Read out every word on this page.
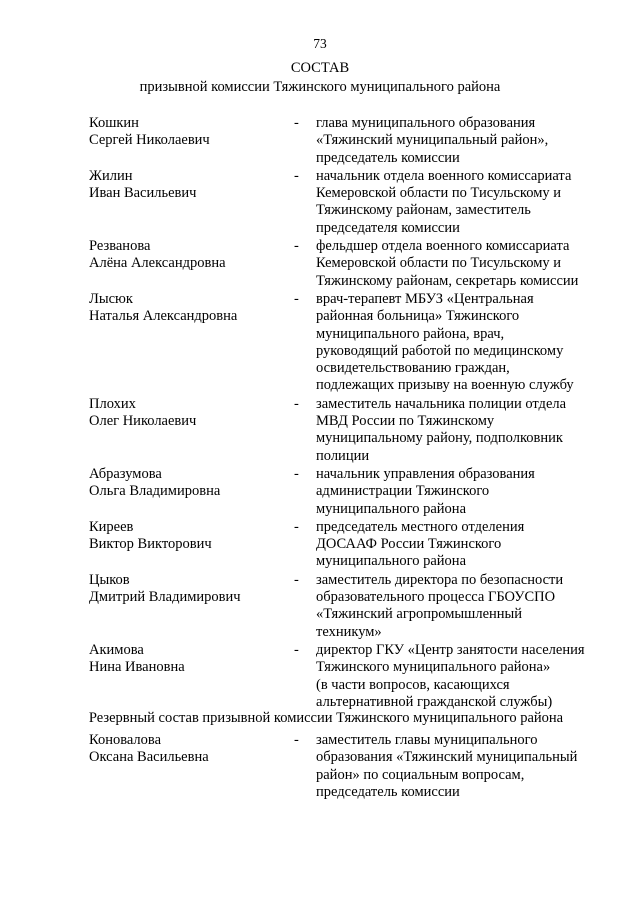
73
СОСТАВ
призывной комиссии Тяжинского муниципального района
Кошкин
Сергей Николаевич
- глава муниципального образования
«Тяжинский муниципальный район»,
председатель комиссии
Жилин
Иван Васильевич
- начальник отдела военного комиссариата
Кемеровской области по Тисульскому и
Тяжинскому районам, заместитель
председателя комиссии
Резванова
Алёна Александровна
- фельдшер отдела военного комиссариата
Кемеровской области по Тисульскому и
Тяжинскому районам, секретарь комиссии
Лысюк
Наталья Александровна
- врач-терапевт МБУЗ «Центральная
районная больница» Тяжинского
муниципального района, врач,
руководящий работой по медицинскому
освидетельствованию граждан,
подлежащих призыву на военную службу
Плохих
Олег Николаевич
- заместитель начальника полиции отдела
МВД России по Тяжинскому
муниципальному району, подполковник
полиции
Абразумова
Ольга Владимировна
- начальник управления образования
администрации Тяжинского
муниципального района
Киреев
Виктор Викторович
- председатель местного отделения
ДОСААФ России Тяжинского
муниципального района
Цыков
Дмитрий Владимирович
- заместитель директора по безопасности
образовательного процесса ГБОУСПО
«Тяжинский агропромышленный
техникум»
Акимова
Нина Ивановна
- директор ГКУ «Центр занятости населения
Тяжинского муниципального района»
(в части вопросов, касающихся
альтернативной гражданской службы)
Резервный состав призывной комиссии Тяжинского муниципального района
Коновалова
Оксана Васильевна
- заместитель главы муниципального
образования «Тяжинский муниципальный
район» по социальным вопросам,
председатель комиссии
